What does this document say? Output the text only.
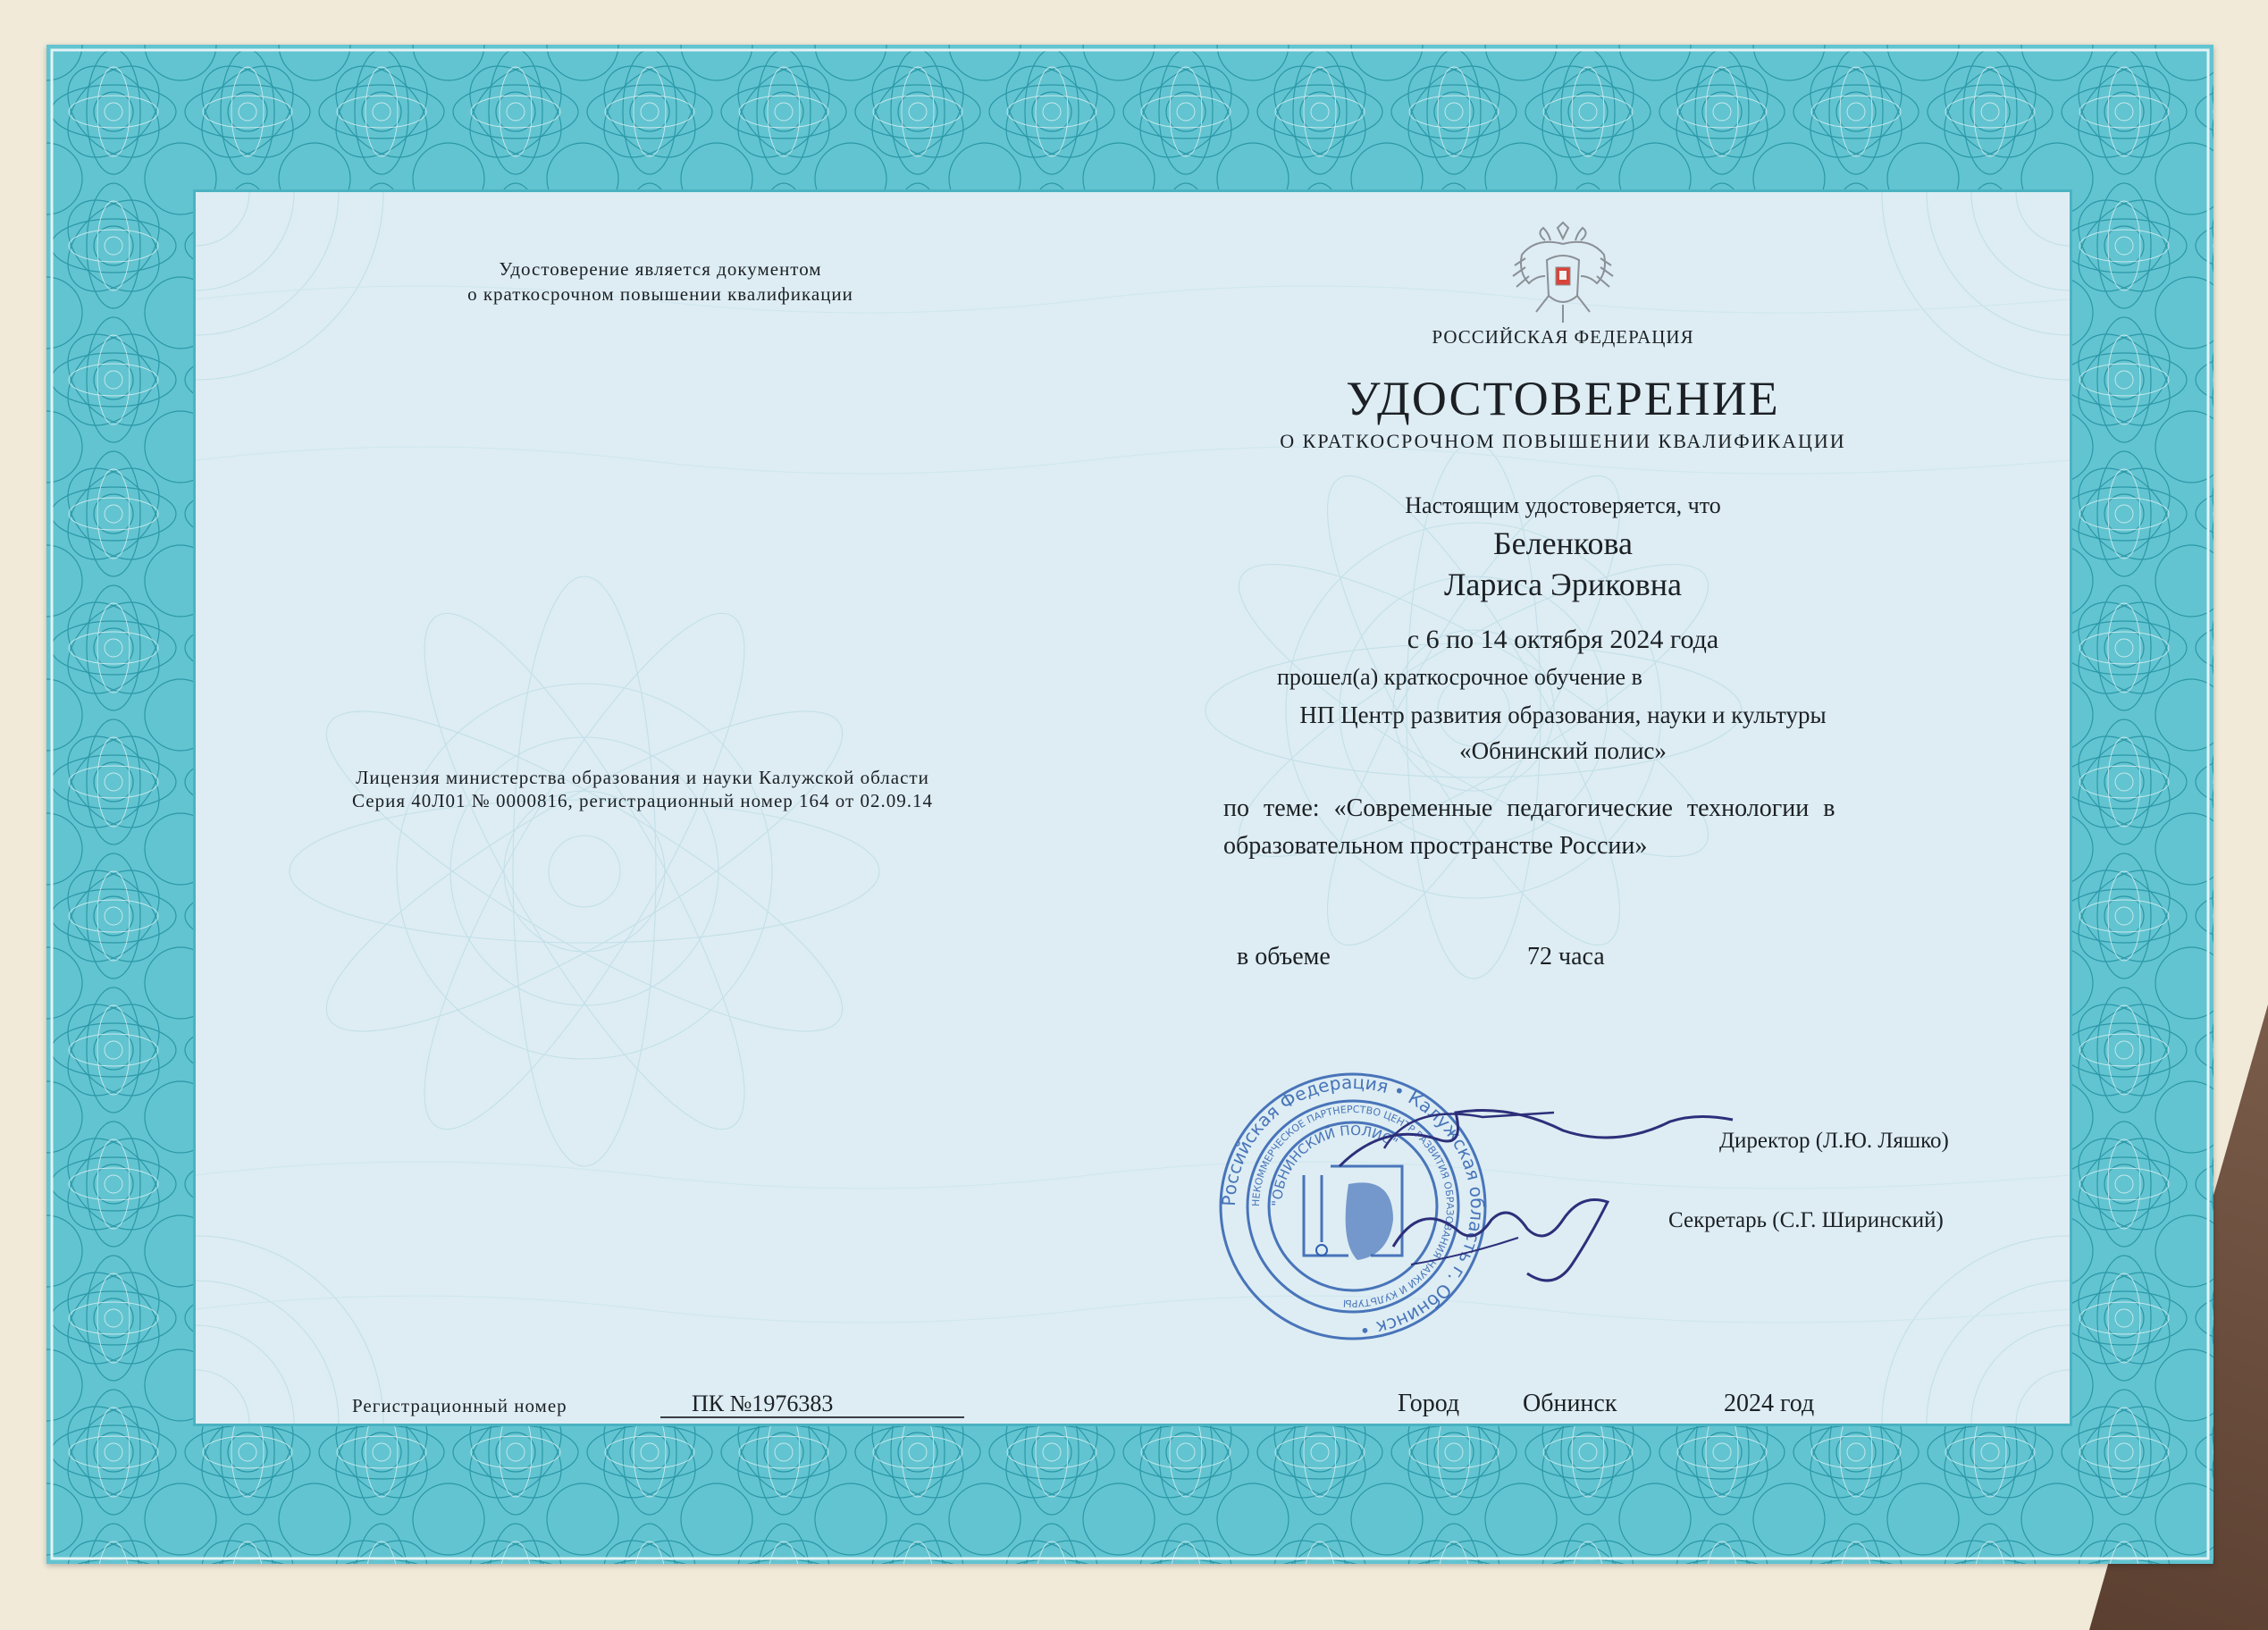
Удостоверение является документом
о краткосрочном повышении квалификации
Лицензия министерства образования и науки Калужской области
Серия 40Л01 № 0000816, регистрационный номер 164 от 02.09.14
Регистрационный номер	ПК №1976383
РОССИЙСКАЯ ФЕДЕРАЦИЯ
УДОСТОВЕРЕНИЕ
О КРАТКОСРОЧНОМ ПОВЫШЕНИИ КВАЛИФИКАЦИИ
Настоящим удостоверяется, что
Беленкова
Лариса Эриковна
с 6 по 14 октября 2024 года
прошел(а) краткосрочное обучение в
НП Центр развития образования, науки и культуры
«Обнинский полис»
по теме: «Современные педагогические технологии в
образовательном пространстве России»
в объеме	72 часа
Директор (Л.Ю. Ляшко)
Секретарь (С.Г. Ширинский)
Город	Обнинск	2024 год
Российская Федерация • Калужская область г. Обнинск •
НЕКОММЕРЧЕСКОЕ ПАРТНЕРСТВО ЦЕНТР РАЗВИТИЯ ОБРАЗОВАНИЯ НАУКИ И КУЛЬТУРЫ
"ОБНИНСКИЙ ПОЛИС"
